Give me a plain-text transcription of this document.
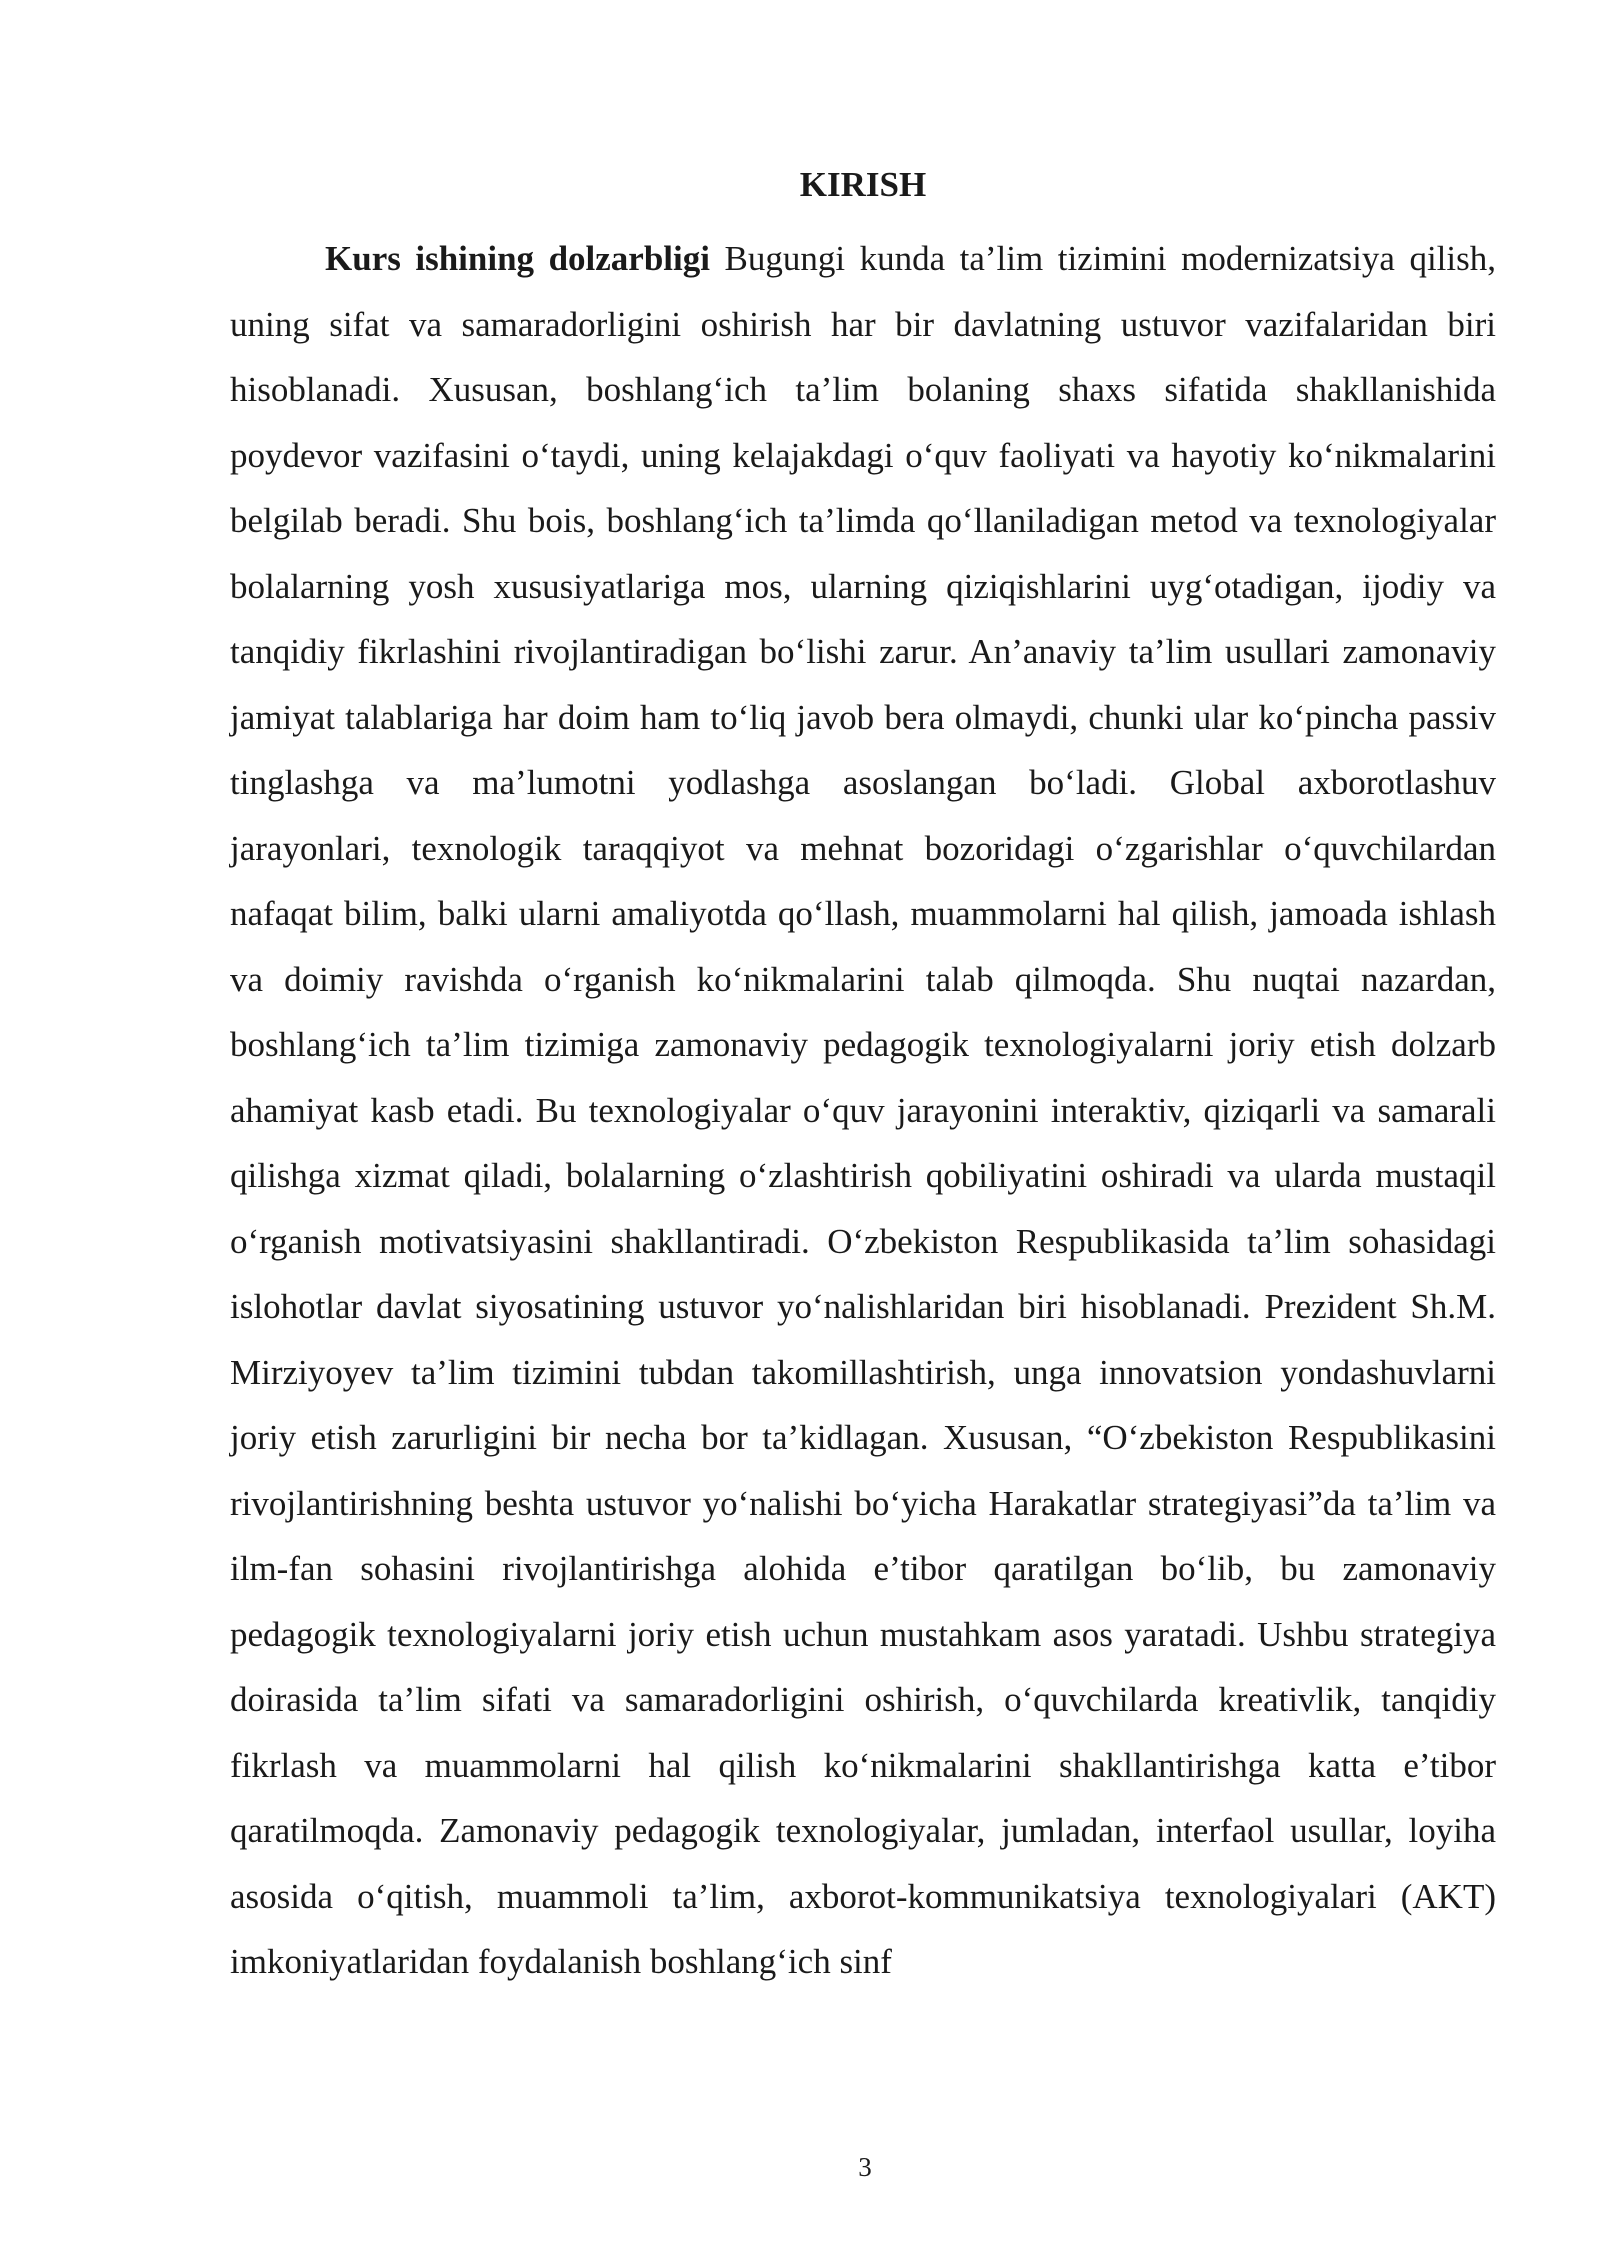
KIRISH

Kurs ishining dolzarbligi Bugungi kunda ta’lim tizimini modernizatsiya qilish, uning sifat va samaradorligini oshirish har bir davlatning ustuvor vazifalaridan biri hisoblanadi. Xususan, boshlang‘ich ta’lim bolaning shaxs sifatida shakllanishida poydevor vazifasini o‘taydi, uning kelajakdagi o‘quv faoliyati va hayotiy ko‘nikmalarini belgilab beradi. Shu bois, boshlang‘ich ta’limda qo‘llaniladigan metod va texnologiyalar bolalarning yosh xususiyatlariga mos, ularning qiziqishlarini uyg‘otadigan, ijodiy va tanqidiy fikrlashini rivojlantiradigan bo‘lishi zarur. An’anaviy ta’lim usullari zamonaviy jamiyat talablariga har doim ham to‘liq javob bera olmaydi, chunki ular ko‘pincha passiv tinglashga va ma’lumotni yodlashga asoslangan bo‘ladi. Global axborotlashuv jarayonlari, texnologik taraqqiyot va mehnat bozoridagi o‘zgarishlar o‘quvchilardan nafaqat bilim, balki ularni amaliyotda qo‘llash, muammolarni hal qilish, jamoada ishlash va doimiy ravishda o‘rganish ko‘nikmalarini talab qilmoqda. Shu nuqtai nazardan, boshlang‘ich ta’lim tizimiga zamonaviy pedagogik texnologiyalarni joriy etish dolzarb ahamiyat kasb etadi. Bu texnologiyalar o‘quv jarayonini interaktiv, qiziqarli va samarali qilishga xizmat qiladi, bolalarning o‘zlashtirish qobiliyatini oshiradi va ularda mustaqil o‘rganish motivatsiyasini shakllantiradi. O‘zbekiston Respublikasida ta’lim sohasidagi islohotlar davlat siyosatining ustuvor yo‘nalishlaridan biri hisoblanadi. Prezident Sh.M. Mirziyoyev ta’lim tizimini tubdan takomillashtirish, unga innovatsion yondashuvlarni joriy etish zarurligini bir necha bor ta’kidlagan. Xususan, “O‘zbekiston Respublikasini rivojlantirishning beshta ustuvor yo‘nalishi bo‘yicha Harakatlar strategiyasi”da ta’lim va ilm-fan sohasini rivojlantirishga alohida e’tibor qaratilgan bo‘lib, bu zamonaviy pedagogik texnologiyalarni joriy etish uchun mustahkam asos yaratadi. Ushbu strategiya doirasida ta’lim sifati va samaradorligini oshirish, o‘quvchilarda kreativlik, tanqidiy fikrlash va muammolarni hal qilish ko‘nikmalarini shakllantirishga katta e’tibor qaratilmoqda. Zamonaviy pedagogik texnologiyalar, jumladan, interfaol usullar, loyiha asosida o‘qitish, muammoli ta’lim, axborot-kommunikatsiya texnologiyalari (AKT) imkoniyatlaridan foydalanish boshlang‘ich sinf

3
